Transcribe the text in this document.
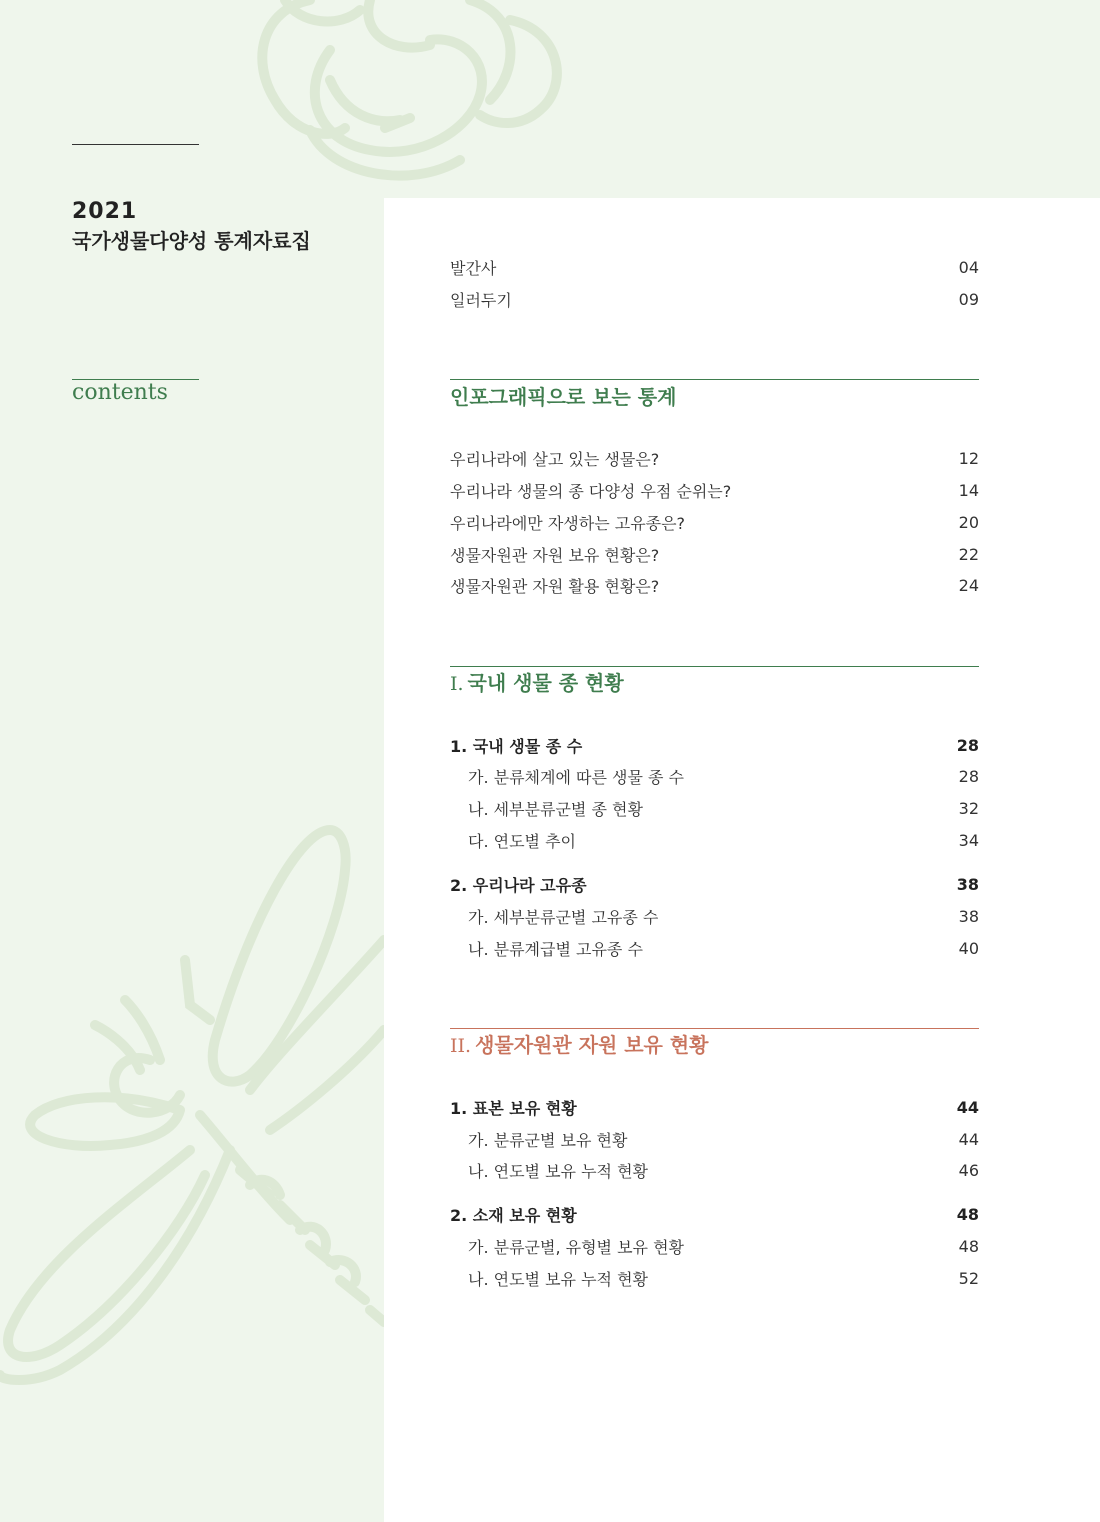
2021
국가생물다양성 통계자료집
contents
발간사	04
일러두기	09
인포그래픽으로 보는 통계
우리나라에 살고 있는 생물은?	12
우리나라 생물의 종 다양성 우점 순위는?	14
우리나라에만 자생하는 고유종은?	20
생물자원관 자원 보유 현황은?	22
생물자원관 자원 활용 현황은?	24
I. 국내 생물 종 현황
1. 국내 생물 종 수	28
가. 분류체계에 따른 생물 종 수	28
나. 세부분류군별 종 현황	32
다. 연도별 추이	34
2. 우리나라 고유종	38
가. 세부분류군별 고유종 수	38
나. 분류계급별 고유종 수	40
II. 생물자원관 자원 보유 현황
1. 표본 보유 현황	44
가. 분류군별 보유 현황	44
나. 연도별 보유 누적 현황	46
2. 소재 보유 현황	48
가. 분류군별, 유형별 보유 현황	48
나. 연도별 보유 누적 현황	52
